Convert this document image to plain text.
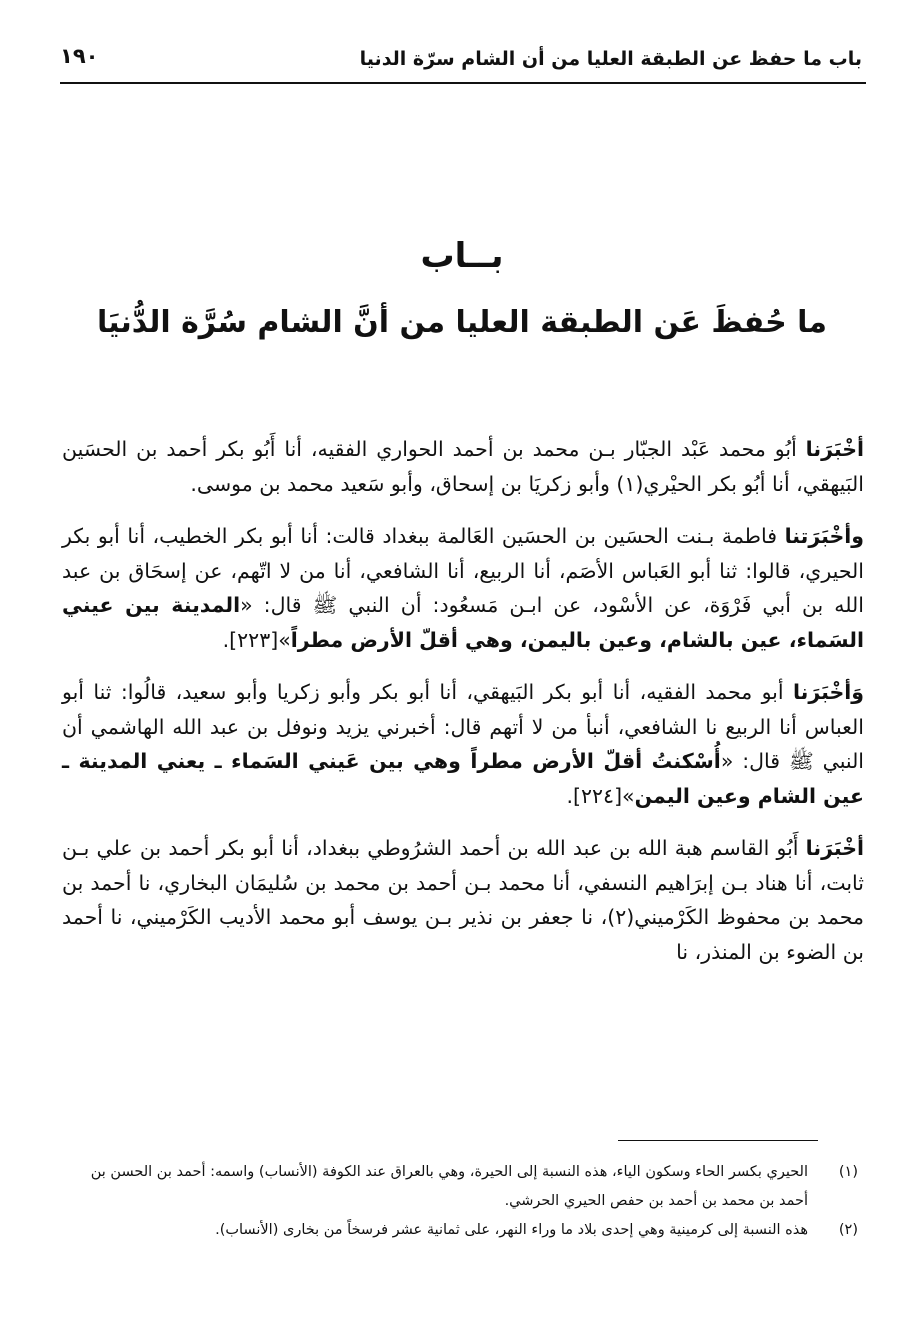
باب ما حفظ عن الطبقة العليا من أن الشام سرّة الدنيا
١٩٠
بــاب
ما حُفظَ عَن الطبقة العليا من أنَّ الشام سُرَّة الدُّنيَا

أخْبَرَنا أبُو محمد عَبْد الجبّار بـن محمد بن أحمد الحواري الفقيه، أنا أَبُو بكر أحمد بن الحسَين البَيهقي، أنا أبُو بكر الحيْري(١) وأبو زكريَا بن إسحاق، وأبو سَعيد محمد بن موسى.

وأخْبَرَتنا فاطمة بـنت الحسَين بن الحسَين العَالمة ببغداد قالت: أنا أبو بكر الخطيب، أنا أبو بكر الحيري، قالوا: ثنا أبو العَباس الأصَم، أنا الربيع، أنا الشافعي، أنا من لا اتّهم، عن إسحَاق بن عبد الله بن أبي فَرْوَة، عن الأسْود، عن ابـن مَسعُود: أن النبي ﷺ قال: «المدينة بين عيني السَماء، عين بالشام، وعين باليمن، وهي أقلّ الأرض مطراً»[٢٢٣].

وَأخْبَرَنا أبو محمد الفقيه، أنا أبو بكر البَيهقي، أنا أبو بكر وأبو زكريا وأبو سعيد، قالُوا: ثنا أبو العباس أنا الربيع نا الشافعي، أنبأ من لا أتهم قال: أخبرني يزيد ونوفل بن عبد الله الهاشمي أن النبي ﷺ قال: «أُسْكنتُ أقلّ الأرض مطراً وهي بين عَيني السَماء ـ يعني المدينة ـ عين الشام وعين اليمن»[٢٢٤].

أخْبَرَنا أَبُو القاسم هبة الله بن عبد الله بن أحمد الشرُوطي ببغداد، أنا أبو بكر أحمد بن علي بـن ثابت، أنا هناد بـن إبرَاهيم النسفي، أنا محمد بـن أحمد بن محمد بن سُليمَان البخاري، نا أحمد بن محمد بن محفوظ الكَرْميني(٢)، نا جعفر بن نذير بـن يوسف أبو محمد الأديب الكَرْميني، نا أحمد بن الضوء بن المنذر، نا

(١)
الحيري بكسر الحاء وسكون الياء، هذه النسبة إلى الحيرة، وهي بالعراق عند الكوفة (الأنساب) واسمه: أحمد بن الحسن بن أحمد بن محمد بن أحمد بن حفص الحيري الحرشي.
(٢)
هذه النسبة إلى كرمينية وهي إحدى بلاد ما وراء النهر، على ثمانية عشر فرسخاً من بخارى (الأنساب).
